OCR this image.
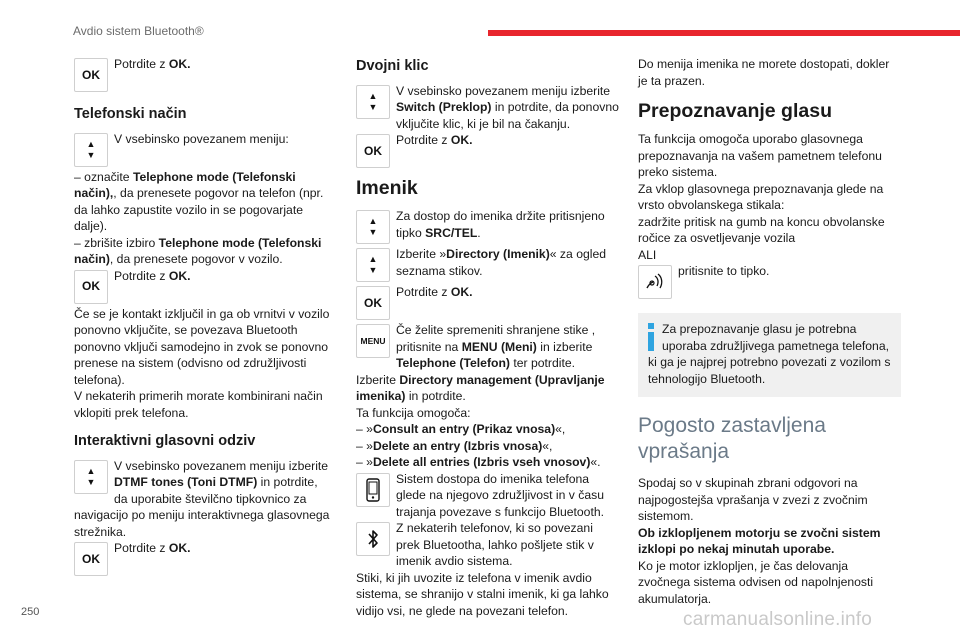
Avdio sistem Bluetooth®
OK
Potrdite z OK.
Telefonski način
▲
▼
V vsebinsko povezanem meniju:

– označite Telephone mode (Telefonski način),, da prenesete pogovor na telefon (npr. da lahko zapustite vozilo in se pogovarjate dalje).

– zbrišite izbiro Telephone mode (Telefonski način), da prenesete pogovor v vozilo.

OK
Potrdite z OK.

Če se je kontakt izključil in ga ob vrnitvi v vozilo ponovno vključite, se povezava Bluetooth ponovno vključi samodejno in zvok se ponovno prenese na sistem (odvisno od združljivosti telefona).

V nekaterih primerih morate kombinirani način vklopiti prek telefona.

Interaktivni glasovni odziv
▲
▼
V vsebinsko povezanem meniju izberite DTMF tones (Toni DTMF) in potrdite, da uporabite številčno tipkovnico za navigacijo po meniju interaktivnega glasovnega strežnika.
OK
Potrdite z OK.
Dvojni klic
▲
▼
V vsebinsko povezanem meniju izberite Switch (Preklop) in potrdite, da ponovno vključite klic, ki je bil na čakanju.
OK
Potrdite z OK.
Imenik
▲
▼
Za dostop do imenika držite pritisnjeno tipko SRC/TEL.
▲
▼
Izberite »Directory (Imenik)« za ogled seznama stikov.
OK
Potrdite z OK.
MENU
Če želite spremeniti shranjene stike , pritisnite na MENU (Meni) in izberite Telephone (Telefon) ter potrdite.

Izberite Directory management (Upravljanje imenika) in potrdite.

Ta funkcija omogoča:

– »Consult an entry (Prikaz vnosa)«,

– »Delete an entry (Izbris vnosa)«,

– »Delete all entries (Izbris vseh vnosov)«.

Sistem dostopa do imenika telefona glede na njegovo združljivost in v času trajanja povezave s funkcijo Bluetooth.
Z nekaterih telefonov, ki so povezani prek Bluetootha, lahko pošljete stik v imenik avdio sistema.

Stiki, ki jih uvozite iz telefona v imenik avdio sistema, se shranijo v stalni imenik, ki ga lahko vidijo vsi, ne glede na povezani telefon.

Do menija imenika ne morete dostopati, dokler je ta prazen.

Prepoznavanje glasu

Ta funkcija omogoča uporabo glasovnega prepoznavanja na vašem pametnem telefonu preko sistema.

Za vklop glasovnega prepoznavanja glede na vrsto obvolanskega stikala:

zadržite pritisk na gumb na koncu obvolanske ročice za osvetljevanje vozila

ALI

pritisnite to tipko.
Za prepoznavanje glasu je potrebna uporaba združljivega pametnega telefona, ki ga je najprej potrebno povezati z vozilom s tehnologijo Bluetooth.
Pogosto zastavljena vprašanja

Spodaj so v skupinah zbrani odgovori na najpogostejša vprašanja v zvezi z zvočnim sistemom.

Ob izklopljenem motorju se zvočni sistem izklopi po nekaj minutah uporabe.

Ko je motor izklopljen, je čas delovanja zvočnega sistema odvisen od napolnjenosti akumulatorja.

250	carmanualsonline.info
